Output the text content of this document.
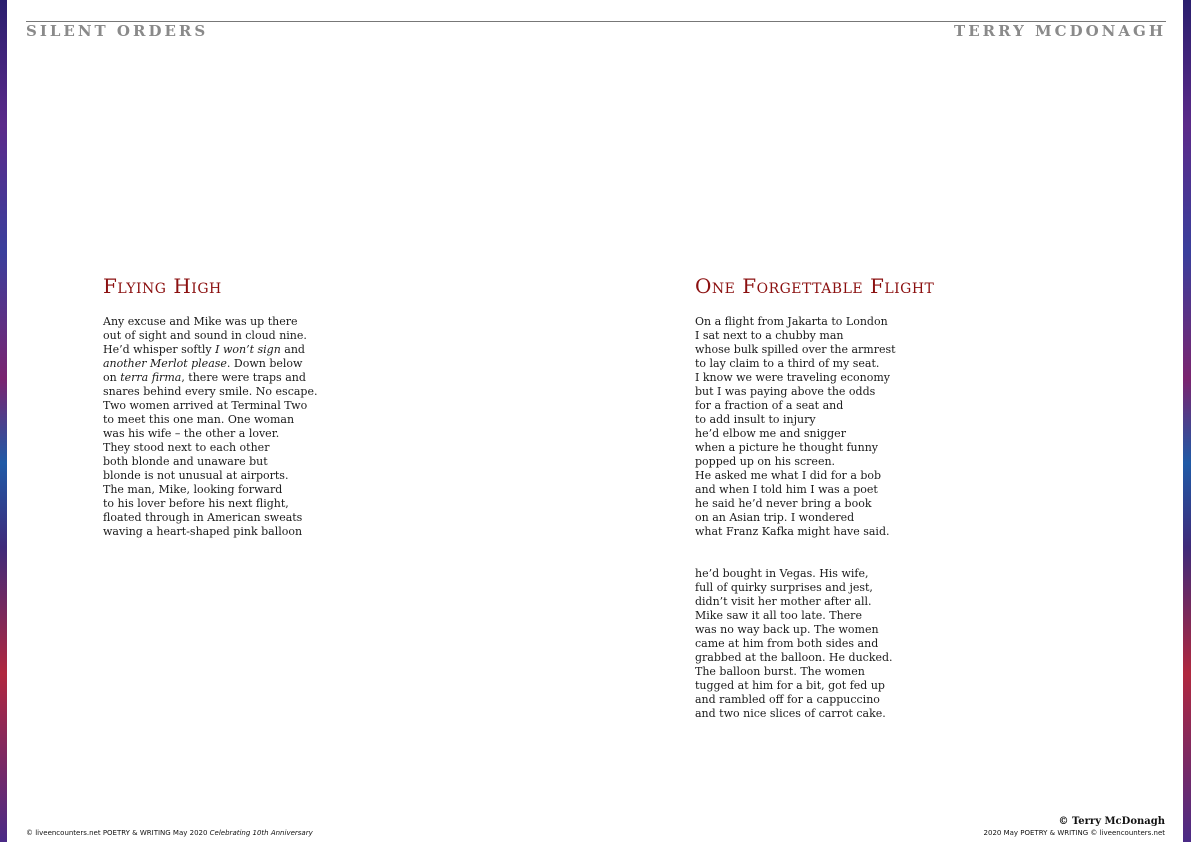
SILENT ORDERS	TERRY MCDONAGH
Flying High
Any excuse and Mike was up there
out of sight and sound in cloud nine.
He’d whisper softly I won’t sign and
another Merlot please. Down below
on terra firma, there were traps and
snares behind every smile. No escape.
Two women arrived at Terminal Two
to meet this one man. One woman
was his wife – the other a lover.
They stood next to each other
both blonde and unaware but
blonde is not unusual at airports.
The man, Mike, looking forward
to his lover before his next flight,
floated through in American sweats
waving a heart-shaped pink balloon
One Forgettable Flight
On a flight from Jakarta to London
I sat next to a chubby man
whose bulk spilled over the armrest
to lay claim to a third of my seat.
I know we were traveling economy
but I was paying above the odds
for a fraction of a seat and
to add insult to injury
he’d elbow me and snigger
when a picture he thought funny
popped up on his screen.
He asked me what I did for a bob
and when I told him I was a poet
he said he’d never bring a book
on an Asian trip. I wondered
what Franz Kafka might have said.
he’d bought in Vegas. His wife,
full of quirky surprises and jest,
didn’t visit her mother after all.
Mike saw it all too late. There
was no way back up. The women
came at him from both sides and
grabbed at the balloon. He ducked.
The balloon burst. The women
tugged at him for a bit, got fed up
and rambled off for a cappuccino
and two nice slices of carrot cake.
© liveencounters.net POETRY & WRITING May 2020 Celebrating 10th Anniversary
© Terry McDonagh
2020 May POETRY & WRITING © liveencounters.net
